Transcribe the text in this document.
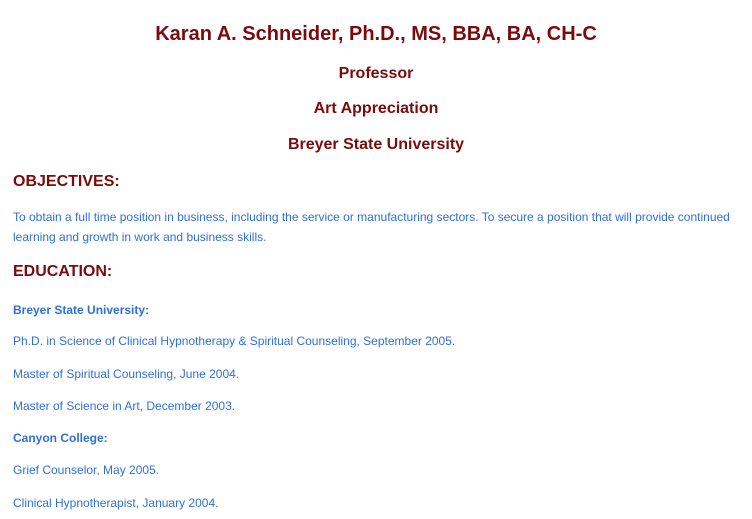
Karan A. Schneider, Ph.D., MS, BBA, BA, CH-C
Professor
Art Appreciation
Breyer State University
OBJECTIVES:
To obtain a full time position in business, including the service or manufacturing sectors. To secure a position that will provide continued learning and growth in work and business skills.
EDUCATION:
Breyer State University:
Ph.D. in Science of Clinical Hypnotherapy & Spiritual Counseling, September 2005.
Master of Spiritual Counseling, June 2004.
Master of Science in Art, December 2003.
Canyon College:
Grief Counselor, May 2005.
Clinical Hypnotherapist, January 2004.
